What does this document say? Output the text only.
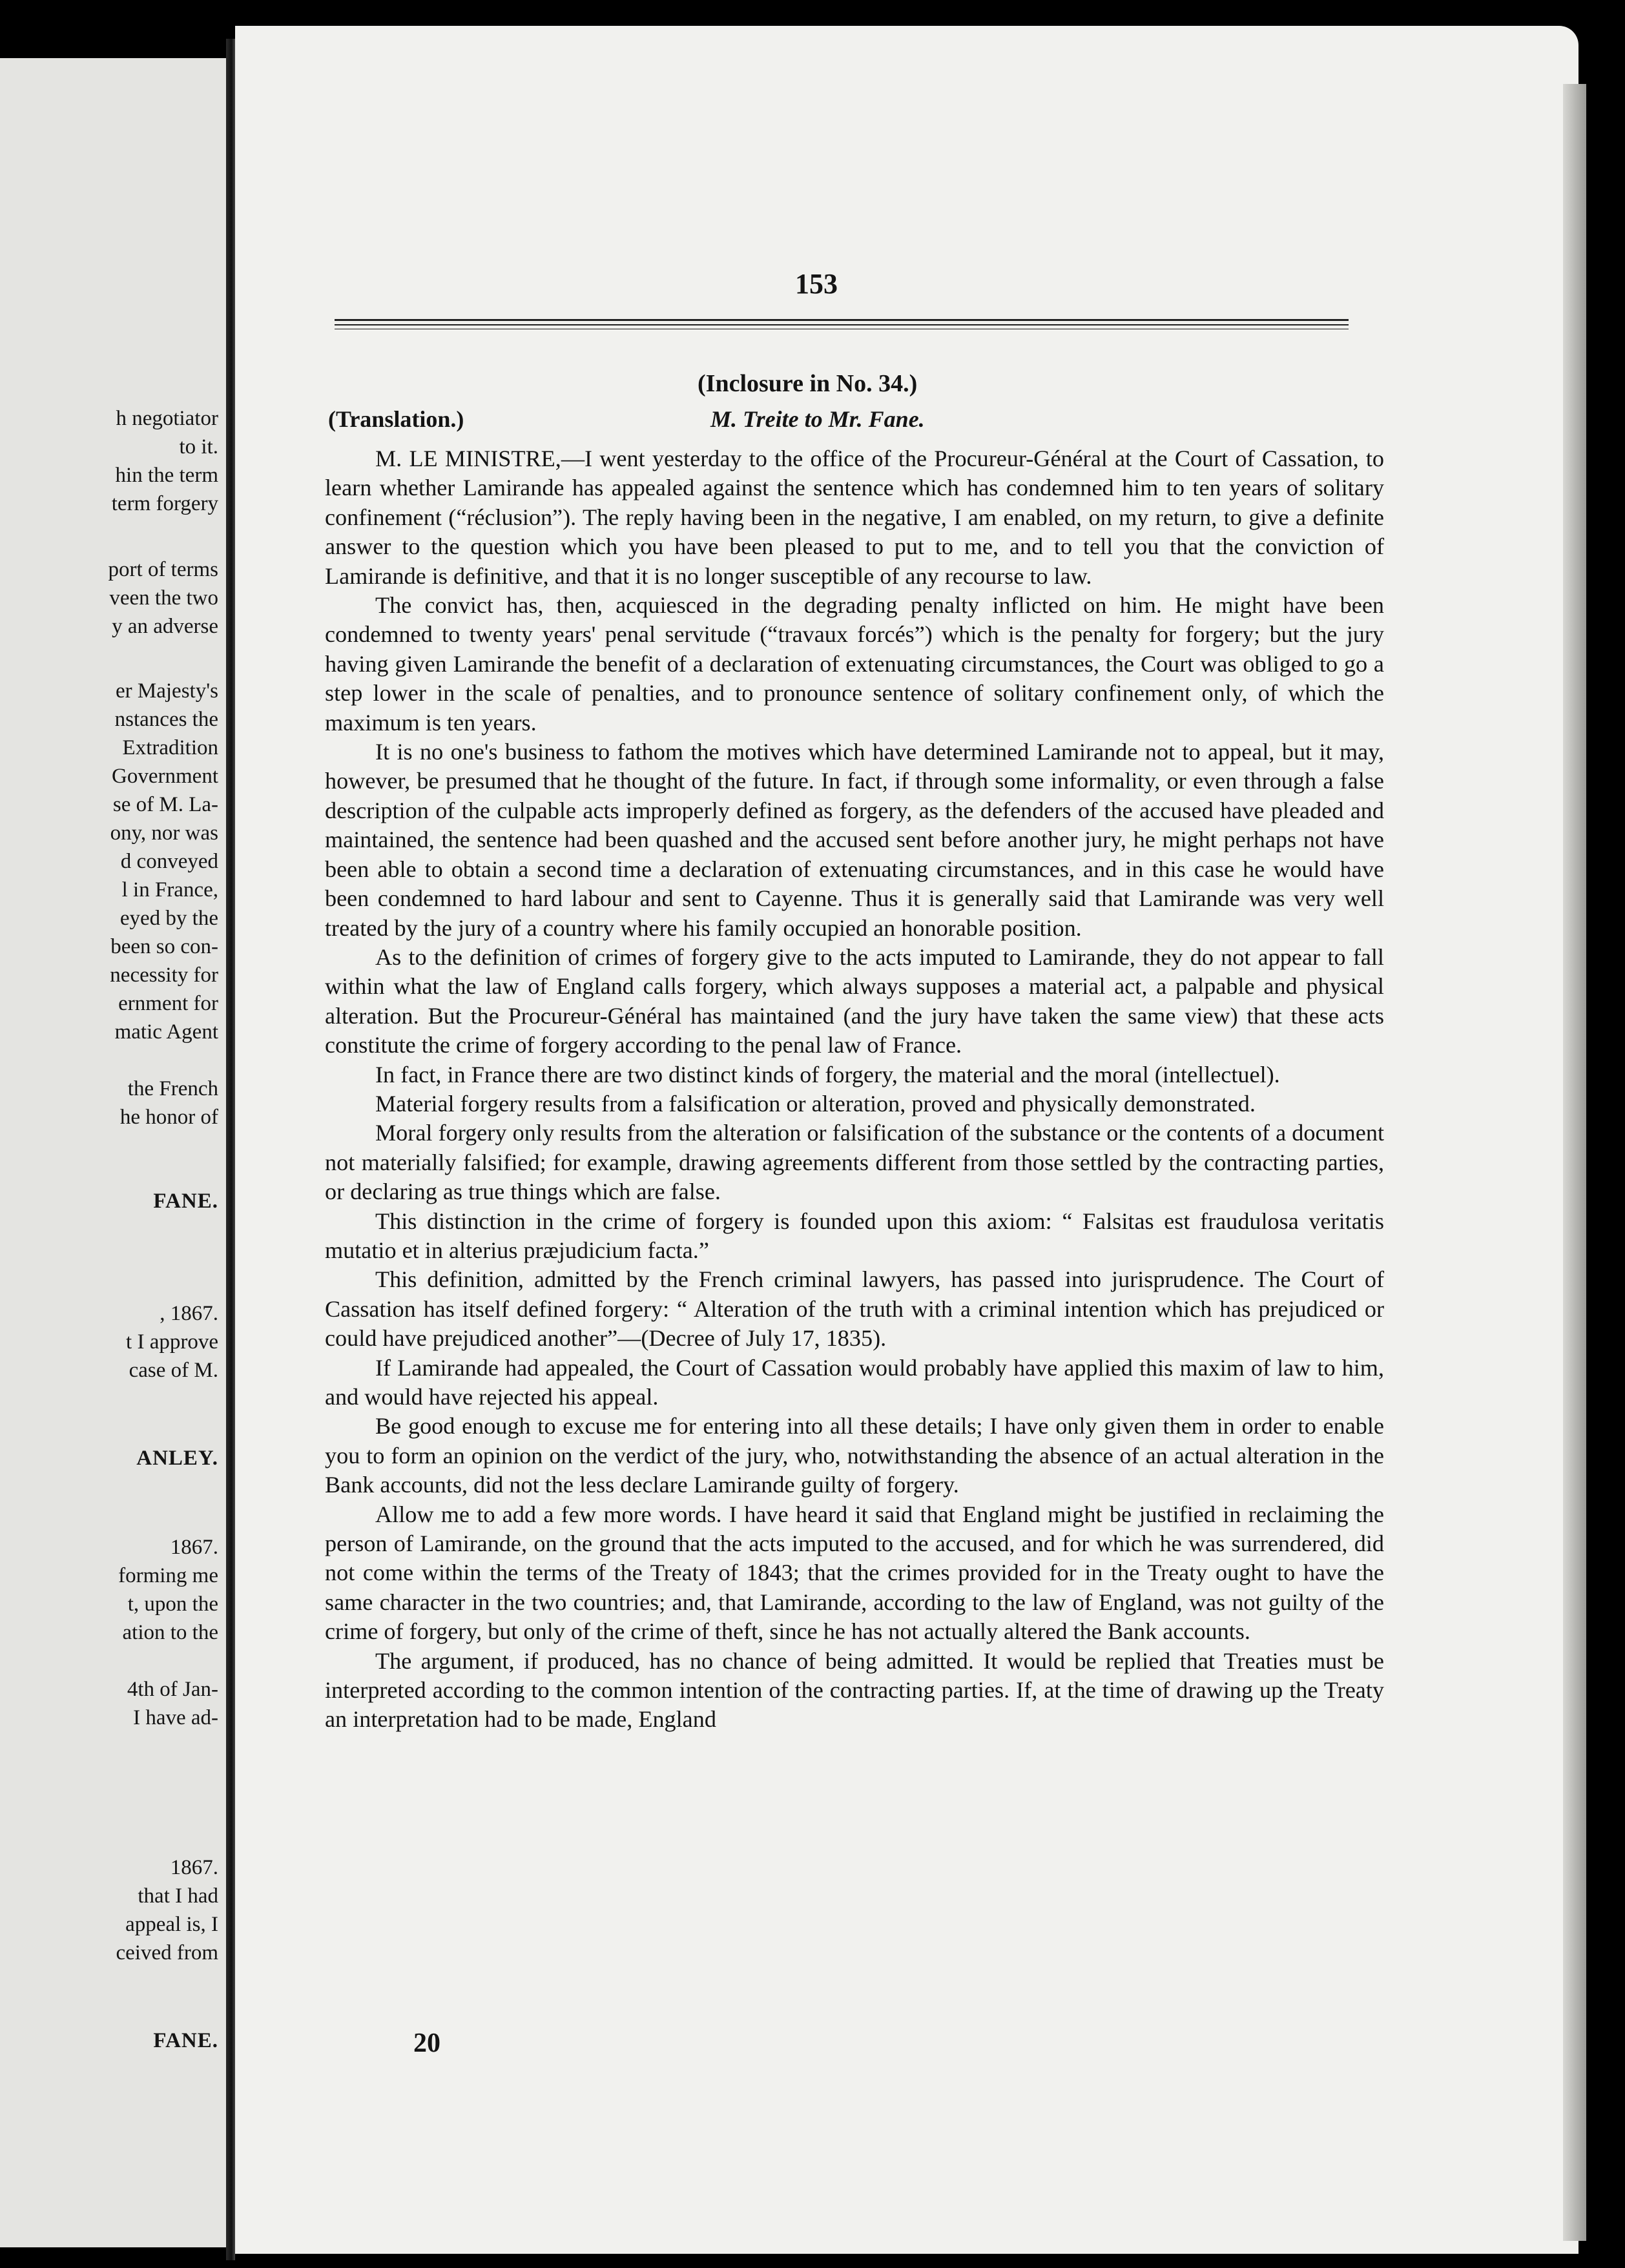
h negotiator

to it.

hin the term

term forgery

port of terms

veen the two

y an adverse

er Majesty's

nstances the

Extradition

Government

se of M. La-

ony, nor was

d conveyed

l in France,

eyed by the

been so con-

necessity for

ernment for

matic Agent

the French

he honor of

FANE.

, 1867.

t I approve

case of M.

ANLEY.

1867.

forming me

t, upon the

ation to the

4th of Jan-

I have ad-

1867.

that I had

appeal is, I

ceived from

FANE.

153
(Inclosure in No. 34.)
(Translation.)	M. Treite to Mr. Fane.

M. LE MINISTRE,—I went yesterday to the office of the Procureur-Général at the Court of Cassation, to learn whether Lamirande has appealed against the sentence which has condemned him to ten years of solitary confinement (“réclusion”). The reply having been in the negative, I am enabled, on my return, to give a definite answer to the question which you have been pleased to put to me, and to tell you that the conviction of Lamirande is definitive, and that it is no longer susceptible of any recourse to law.

The convict has, then, acquiesced in the degrading penalty inflicted on him. He might have been condemned to twenty years' penal servitude (“travaux forcés”) which is the penalty for forgery; but the jury having given Lamirande the benefit of a declaration of extenuating circumstances, the Court was obliged to go a step lower in the scale of penalties, and to pronounce sentence of solitary confinement only, of which the maximum is ten years.

It is no one's business to fathom the motives which have determined Lamirande not to appeal, but it may, however, be presumed that he thought of the future. In fact, if through some informality, or even through a false description of the culpable acts improperly defined as forgery, as the defenders of the accused have pleaded and maintained, the sentence had been quashed and the accused sent before another jury, he might perhaps not have been able to obtain a second time a declaration of extenuating circumstances, and in this case he would have been condemned to hard labour and sent to Cayenne. Thus it is generally said that Lamirande was very well treated by the jury of a country where his family occupied an honorable position.

As to the definition of crimes of forgery give to the acts imputed to Lamirande, they do not appear to fall within what the law of England calls forgery, which always supposes a material act, a palpable and physical alteration. But the Procureur-Général has maintained (and the jury have taken the same view) that these acts constitute the crime of forgery according to the penal law of France.

In fact, in France there are two distinct kinds of forgery, the material and the moral (intellectuel).

Material forgery results from a falsification or alteration, proved and physically demonstrated.

Moral forgery only results from the alteration or falsification of the substance or the contents of a document not materially falsified; for example, drawing agreements different from those settled by the contracting parties, or declaring as true things which are false.

This distinction in the crime of forgery is founded upon this axiom: “ Falsitas est fraudulosa veritatis mutatio et in alterius præjudicium facta.”

This definition, admitted by the French criminal lawyers, has passed into jurisprudence. The Court of Cassation has itself defined forgery: “ Alteration of the truth with a criminal intention which has prejudiced or could have prejudiced another”—(Decree of July 17, 1835).

If Lamirande had appealed, the Court of Cassation would probably have applied this maxim of law to him, and would have rejected his appeal.

Be good enough to excuse me for entering into all these details; I have only given them in order to enable you to form an opinion on the verdict of the jury, who, notwithstanding the absence of an actual alteration in the Bank accounts, did not the less declare Lamirande guilty of forgery.

Allow me to add a few more words. I have heard it said that England might be justified in reclaiming the person of Lamirande, on the ground that the acts imputed to the accused, and for which he was surrendered, did not come within the terms of the Treaty of 1843; that the crimes provided for in the Treaty ought to have the same character in the two countries; and, that Lamirande, according to the law of England, was not guilty of the crime of forgery, but only of the crime of theft, since he has not actually altered the Bank accounts.

The argument, if produced, has no chance of being admitted. It would be replied that Treaties must be interpreted according to the common intention of the contracting parties. If, at the time of drawing up the Treaty an interpretation had to be made, England

20
